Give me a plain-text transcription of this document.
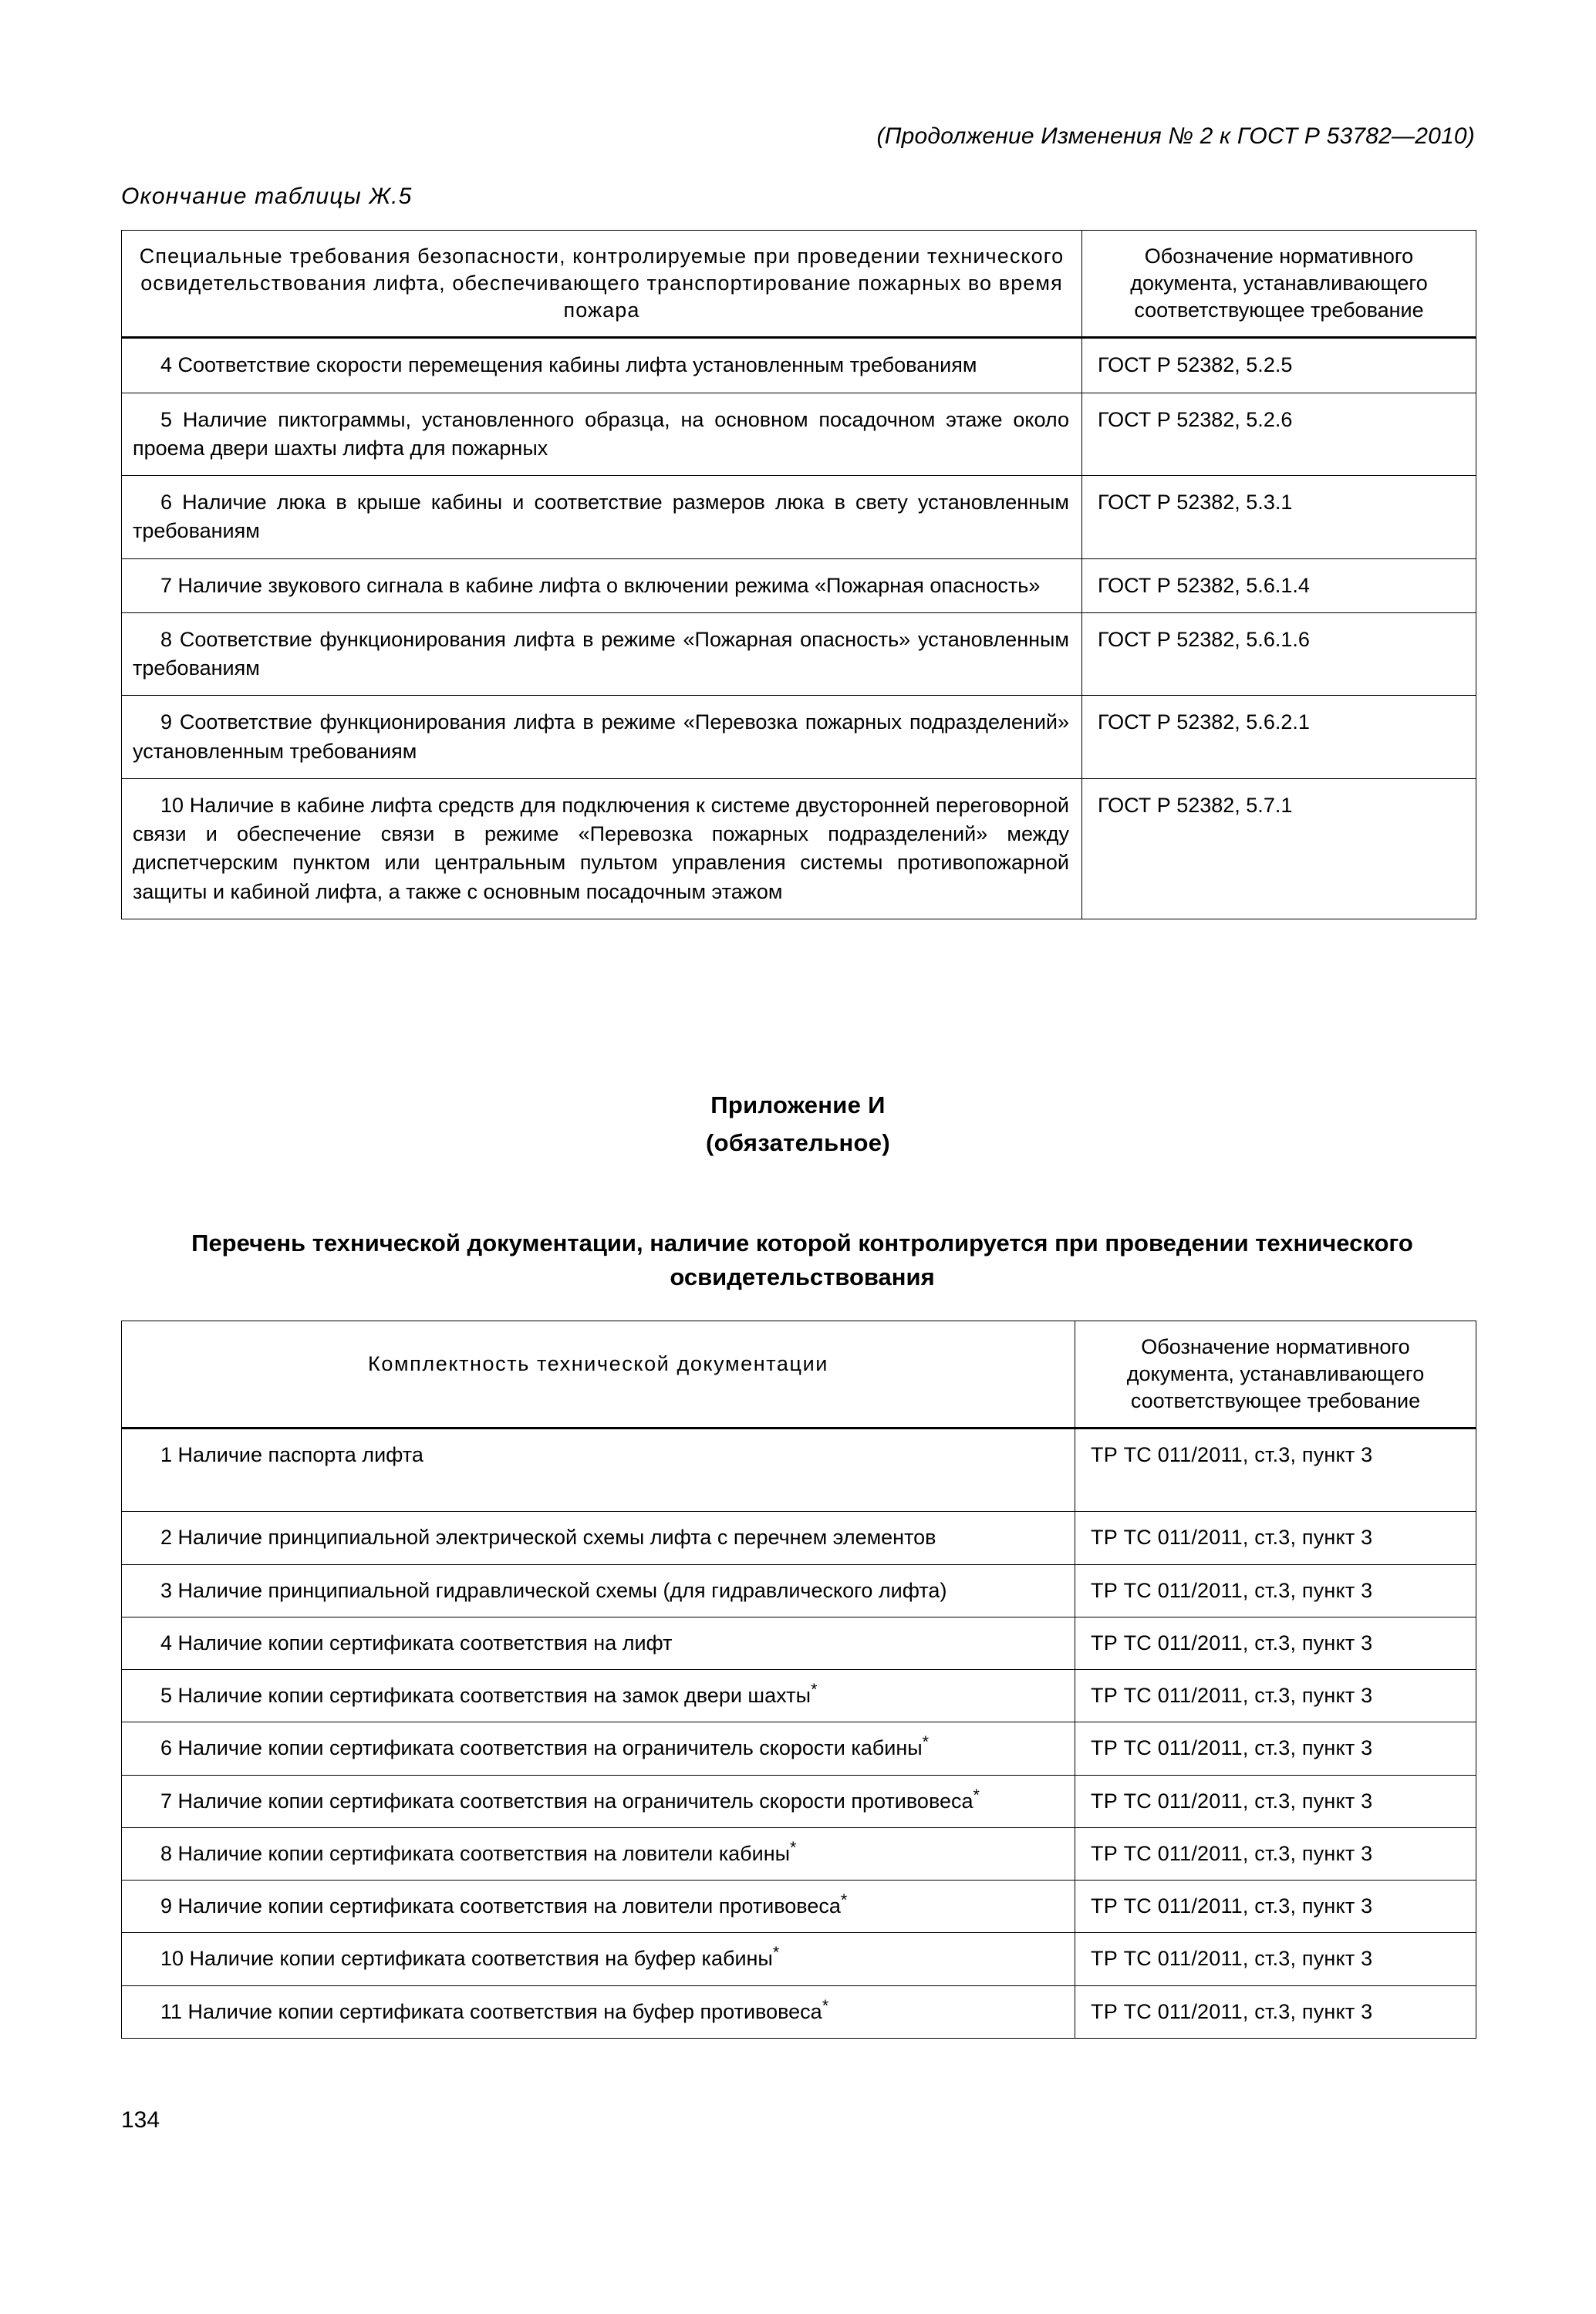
(Продолжение Изменения № 2 к ГОСТ Р 53782—2010)
Окончание таблицы Ж.5
Специальные требования безопасности, контролируемые при проведении технического освидетельствования лифта, обеспечивающего транспортирование пожарных во время пожара	Обозначение нормативного документа, устанавливающего соответствующее требование
4 Соответствие скорости перемещения кабины лифта установленным требованиям	ГОСТ Р 52382, 5.2.5
5 Наличие пиктограммы, установленного образца, на основном посадочном этаже около проема двери шахты лифта для пожарных	ГОСТ Р 52382, 5.2.6
6 Наличие люка в крыше кабины и соответствие размеров люка в свету установленным требованиям	ГОСТ Р 52382, 5.3.1
7 Наличие звукового сигнала в кабине лифта о включении режима «Пожарная опасность»	ГОСТ Р 52382, 5.6.1.4
8 Соответствие функционирования лифта в режиме «Пожарная опасность» установленным требованиям	ГОСТ Р 52382, 5.6.1.6
9 Соответствие функционирования лифта в режиме «Перевозка пожарных подразделений» установленным требованиям	ГОСТ Р 52382, 5.6.2.1
10 Наличие в кабине лифта средств для подключения к системе двусторонней переговорной связи и обеспечение связи в режиме «Перевозка пожарных подразделений» между диспетчерским пунктом или центральным пультом управления системы противопожарной защиты и кабиной лифта, а также с основным посадочным этажом	ГОСТ Р 52382, 5.7.1
Приложение И
(обязательное)
Перечень технической документации, наличие которой контролируется при проведении технического освидетельствования
Комплектность технической документации	Обозначение нормативного документа, устанавливающего соответствующее требование
1 Наличие паспорта лифта	ТР ТС 011/2011, ст.3, пункт 3
2 Наличие принципиальной электрической схемы лифта с перечнем элементов	ТР ТС 011/2011, ст.3, пункт 3
3 Наличие принципиальной гидравлической схемы (для гидравлического лифта)	ТР ТС 011/2011, ст.3, пункт 3
4 Наличие копии сертификата соответствия на лифт	ТР ТС 011/2011, ст.3, пункт 3
5 Наличие копии сертификата соответствия на замок двери шахты*	ТР ТС 011/2011, ст.3, пункт 3
6 Наличие копии сертификата соответствия на ограничитель скорости кабины*	ТР ТС 011/2011, ст.3, пункт 3
7 Наличие копии сертификата соответствия на ограничитель скорости противовеса*	ТР ТС 011/2011, ст.3, пункт 3
8 Наличие копии сертификата соответствия на ловители кабины*	ТР ТС 011/2011, ст.3, пункт 3
9 Наличие копии сертификата соответствия на ловители противовеса*	ТР ТС 011/2011, ст.3, пункт 3
10 Наличие копии сертификата соответствия на буфер кабины*	ТР ТС 011/2011, ст.3, пункт 3
11 Наличие копии сертификата соответствия на буфер противовеса*	ТР ТС 011/2011, ст.3, пункт 3
134
